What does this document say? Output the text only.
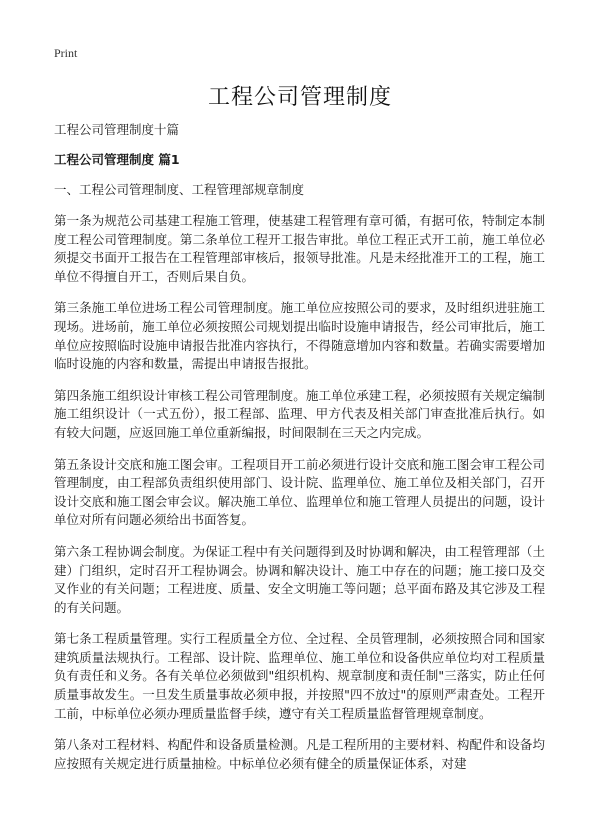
Print
工程公司管理制度

工程公司管理制度十篇

工程公司管理制度 篇1

一、工程公司管理制度、工程管理部规章制度

第一条为规范公司基建工程施工管理，使基建工程管理有章可循，有据可依，特制定本制度工程公司管理制度。第二条单位工程开工报告审批。单位工程正式开工前，施工单位必须提交书面开工报告在工程管理部审核后，报领导批准。凡是未经批准开工的工程，施工单位不得擅自开工，否则后果自负。

第三条施工单位进场工程公司管理制度。施工单位应按照公司的要求，及时组织进驻施工现场。进场前，施工单位必须按照公司规划提出临时设施申请报告，经公司审批后，施工单位应按照临时设施申请报告批准内容执行，不得随意增加内容和数量。若确实需要增加临时设施的内容和数量，需提出申请报告报批。

第四条施工组织设计审核工程公司管理制度。施工单位承建工程，必须按照有关规定编制施工组织设计（一式五份），报工程部、监理、甲方代表及相关部门审查批准后执行。如有较大问题，应返回施工单位重新编报，时间限制在三天之内完成。

第五条设计交底和施工图会审。工程项目开工前必须进行设计交底和施工图会审工程公司管理制度，由工程部负责组织使用部门、设计院、监理单位、施工单位及相关部门，召开设计交底和施工图会审会议。解决施工单位、监理单位和施工管理人员提出的问题，设计单位对所有问题必须给出书面答复。

第六条工程协调会制度。为保证工程中有关问题得到及时协调和解决，由工程管理部（土建）门组织，定时召开工程协调会。协调和解决设计、施工中存在的问题；施工接口及交叉作业的有关问题；工程进度、质量、安全文明施工等问题；总平面布路及其它涉及工程的有关问题。

第七条工程质量管理。实行工程质量全方位、全过程、全员管理制，必须按照合同和国家建筑质量法规执行。工程部、设计院、监理单位、施工单位和设备供应单位均对工程质量负有责任和义务。各有关单位必须做到"组织机构、规章制度和责任制"三落实，防止任何质量事故发生。一旦发生质量事故必须申报，并按照"四不放过"的原则严肃查处。工程开工前，中标单位必须办理质量监督手续，遵守有关工程质量监督管理规章制度。

第八条对工程材料、构配件和设备质量检测。凡是工程所用的主要材料、构配件和设备均应按照有关规定进行质量抽检。中标单位必须有健全的质量保证体系，对建
